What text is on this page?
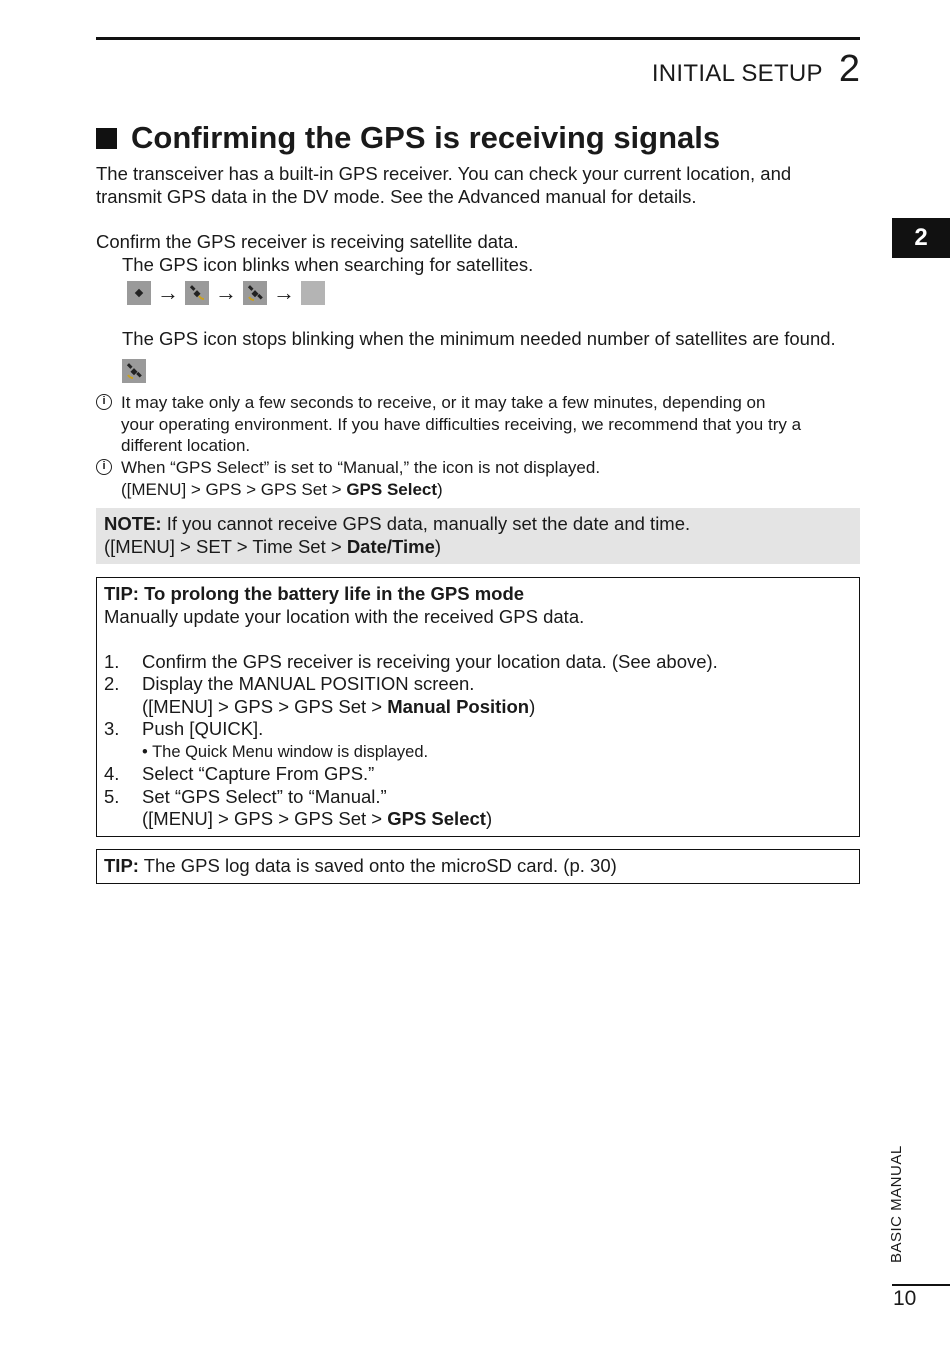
INITIAL SETUP 2
2
Confirming the GPS is receiving signals
The transceiver has a built-in GPS receiver. You can check your current location, and
transmit GPS data in the DV mode. See the Advanced manual for details.
Confirm the GPS receiver is receiving satellite data.
The GPS icon blinks when searching for satellites.
→ → →
The GPS icon stops blinking when the minimum needed number of satellites are found.
i It may take only a few seconds to receive, or it may take a few minutes, depending on
your operating environment. If you have difficulties receiving, we recommend that you try a
different location.
i When “GPS Select” is set to “Manual,” the icon is not displayed.
([MENU] > GPS > GPS Set > GPS Select)
NOTE: If you cannot receive GPS data, manually set the date and time.
([MENU] > SET > Time Set > Date/Time)
TIP: To prolong the battery life in the GPS mode
Manually update your location with the received GPS data.
1.	Confirm the GPS receiver is receiving your location data. (See above).
2.	Display the MANUAL POSITION screen.
([MENU] > GPS > GPS Set > Manual Position)
3.	Push [QUICK].
• The Quick Menu window is displayed.
4.	Select “Capture From GPS.”
5.	Set “GPS Select” to “Manual.”
([MENU] > GPS > GPS Set > GPS Select)
TIP: The GPS log data is saved onto the microSD card. (p. 30)
BASIC MANUAL
10
